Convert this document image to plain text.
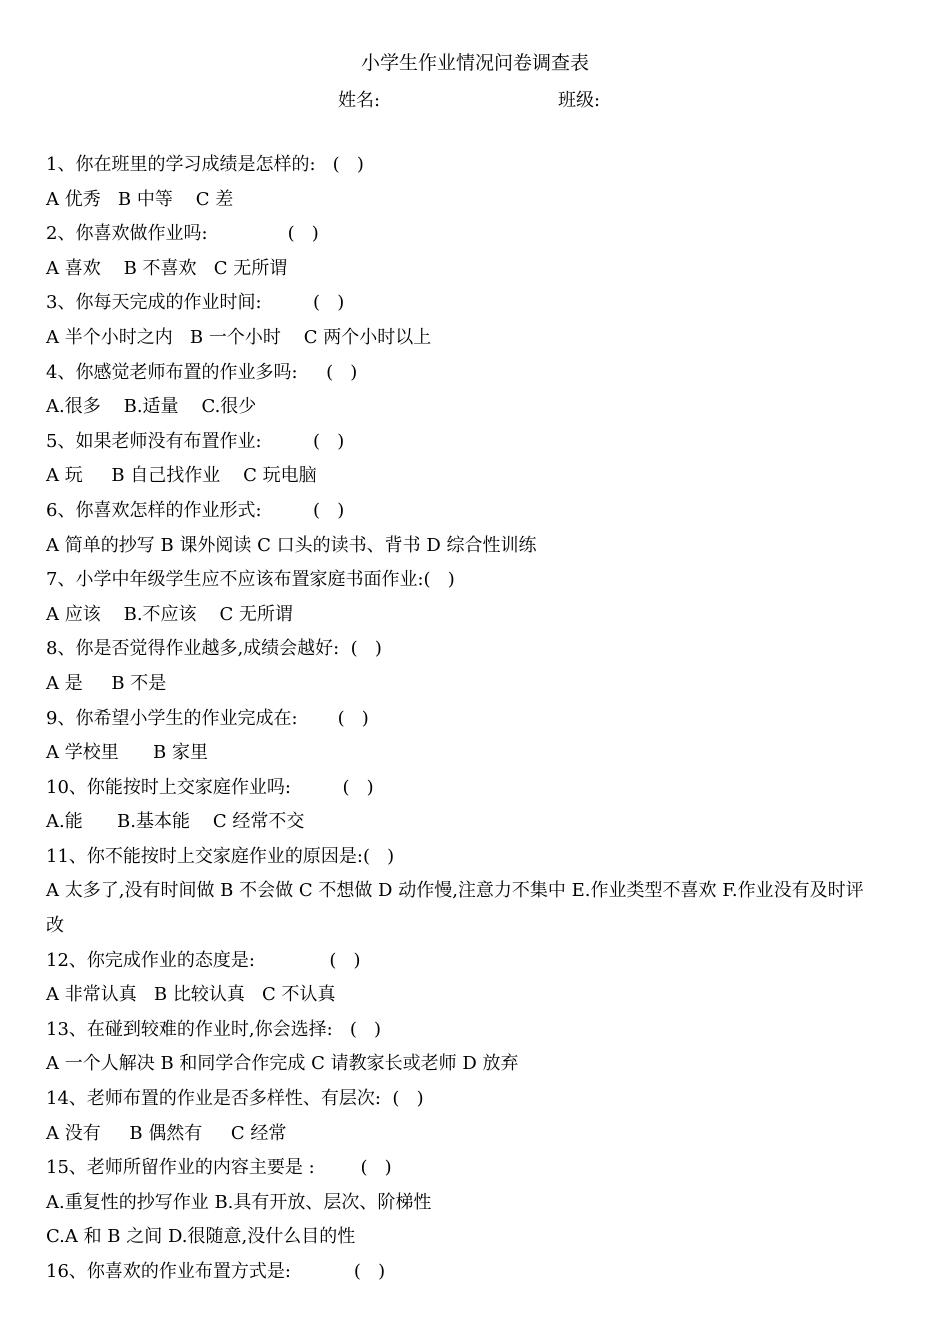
小学生作业情况问卷调查表
姓名:	班级:
1、你在班里的学习成绩是怎样的:   (   )
A 优秀   B 中等    C 差
2、你喜欢做作业吗:              (   )
A 喜欢    B 不喜欢   C 无所谓
3、你每天完成的作业时间:         (   )
A 半个小时之内   B 一个小时    C 两个小时以上
4、你感觉老师布置的作业多吗:     (   )
A.很多    B.适量    C.很少
5、如果老师没有布置作业:         (   )
A 玩     B 自己找作业    C 玩电脑
6、你喜欢怎样的作业形式:         (   )
A 简单的抄写 B 课外阅读 C 口头的读书、背书 D 综合性训练
7、小学中年级学生应不应该布置家庭书面作业:(   )
A 应该    B.不应该    C 无所谓
8、你是否觉得作业越多,成绩会越好:  (   )
A 是     B 不是
9、你希望小学生的作业完成在:       (   )
A 学校里      B 家里
10、你能按时上交家庭作业吗:         (   )
A.能      B.基本能    C 经常不交
11、你不能按时上交家庭作业的原因是:(   )
A 太多了,没有时间做 B 不会做 C 不想做 D 动作慢,注意力不集中 E.作业类型不喜欢 F.作业没有及时评
改
12、你完成作业的态度是:             (   )
A 非常认真   B 比较认真   C 不认真
13、在碰到较难的作业时,你会选择:   (   )
A 一个人解决 B 和同学合作完成 C 请教家长或老师 D 放弃
14、老师布置的作业是否多样性、有层次:  (   )
A 没有     B 偶然有     C 经常
15、老师所留作业的内容主要是 :        (   )
A.重复性的抄写作业 B.具有开放、层次、阶梯性
C.A 和 B 之间 D.很随意,没什么目的性
16、你喜欢的作业布置方式是:           (   )
